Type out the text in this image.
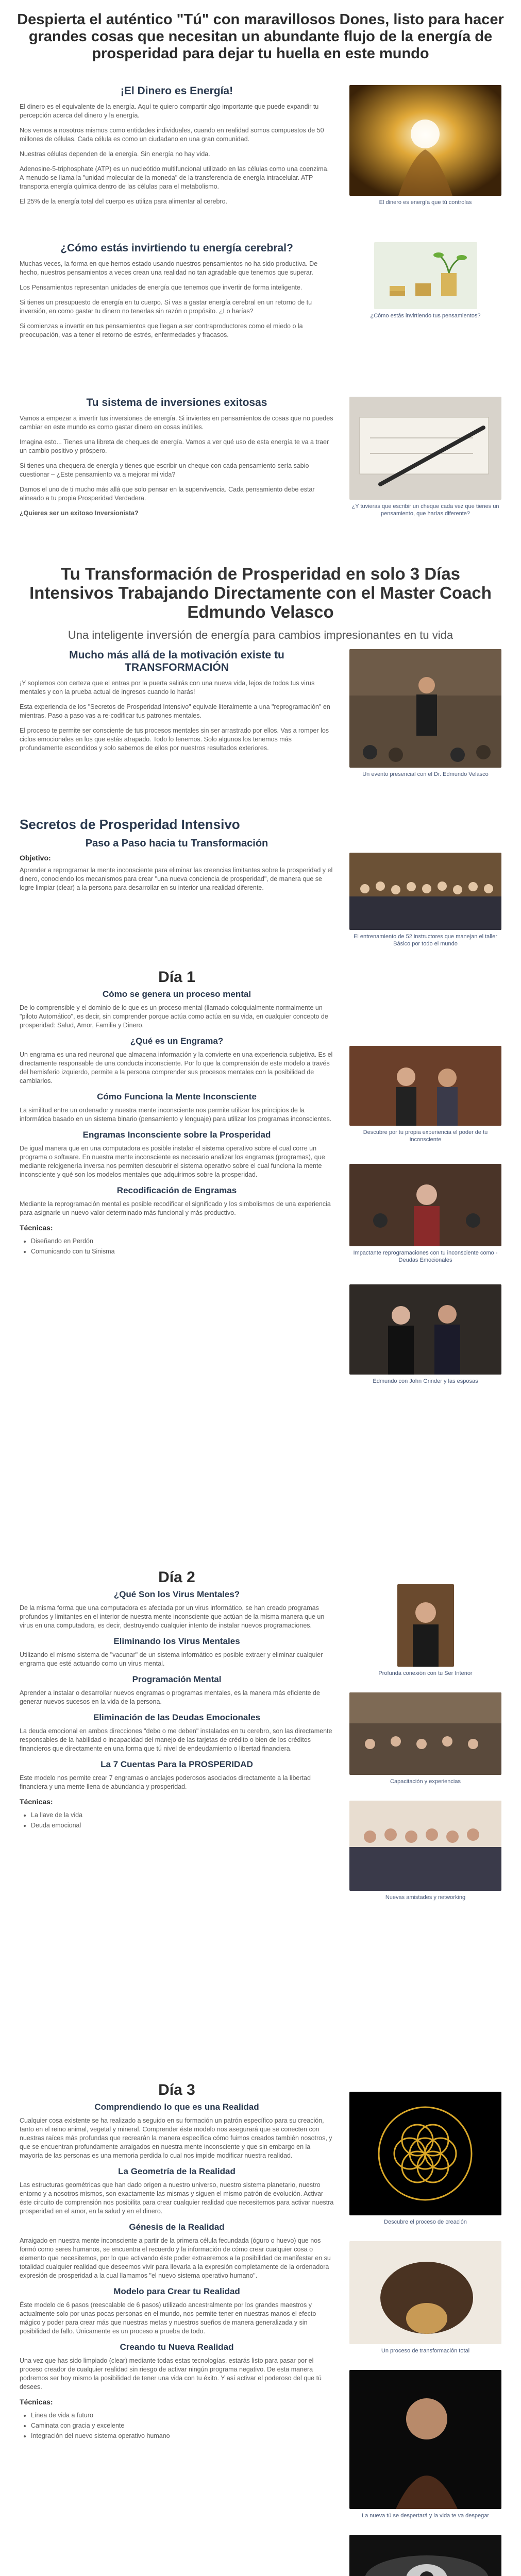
Despierta el auténtico "Tú" con maravillosos Dones, listo para hacer grandes cosas que necesitan un abundante flujo de la energía de prosperidad para dejar tu huella en este mundo
¡El Dinero es Energía!

El dinero es el equivalente de la energía. Aquí te quiero compartir algo importante que puede expandir tu percepción acerca del dinero y la energía.

Nos vemos a nosotros mismos como entidades individuales, cuando en realidad somos compuestos de 50 millones de células. Cada célula es como un ciudadano en una gran comunidad.

Nuestras células dependen de la energía. Sin energía no hay vida.

Adenosine-5-triphosphate (ATP) es un nucleótido multifuncional utilizado en las células como una coenzima. A menudo se llama la "unidad molecular de la moneda" de la transferencia de energía intracelular. ATP transporta energía química dentro de las células para el metabolismo.

El 25% de la energía total del cuerpo es utiliza para alimentar al cerebro.	El dinero es energía que tú controlas

¿Cómo estás invirtiendo tu energía cerebral?

Muchas veces, la forma en que hemos estado usando nuestros pensamientos no ha sido productiva. De hecho, nuestros pensamientos a veces crean una realidad no tan agradable que tenemos que superar.

Los Pensamientos representan unidades de energía que tenemos que invertir de forma inteligente.

Si tienes un presupuesto de energía en tu cuerpo. Si vas a gastar energía cerebral en un retorno de tu inversión, en como gastar tu dinero no tenerlas sin razón o propósito. ¿Lo harías?

Si comienzas a invertir en tus pensamientos que llegan a ser contraproductores como el miedo o la preocupación, vas a tener el retorno de estrés, enfermedades y fracasos.

¿Cómo estás invirtiendo tus pensamientos?

Tu sistema de inversiones exitosas

Vamos a empezar a invertir tus inversiones de energía. Si inviertes en pensamientos de cosas que no puedes cambiar en este mundo es como gastar dinero en cosas inútiles.

Imagina esto... Tienes una libreta de cheques de energía. Vamos a ver qué uso de esta energía te va a traer un cambio positivo y próspero.

Si tienes una chequera de energía y tienes que escribir un cheque con cada pensamiento sería sabio cuestionar – ¿Este pensamiento va a mejorar mi vida?

Damos el uno de ti mucho más allá que solo pensar en la supervivencia. Cada pensamiento debe estar alineado a tu propia Prosperidad Verdadera.

¿Quieres ser un exitoso Inversionista?

¿Y tuvieras que escribir un cheque cada vez que tienes un pensamiento, que harías diferente?

Tu Transformación de Prosperidad en solo 3 Días Intensivos Trabajando Directamente con el Master Coach Edmundo Velasco

Una inteligente inversión de energía para cambios impresionantes en tu vida

Mucho más allá de la motivación existe tu TRANSFORMACIÓN

¡Y soplemos con certeza que el entras por la puerta salirás con una nueva vida, lejos de todos tus virus mentales y con la prueba actual de ingresos cuando lo harás!

Esta experiencia de los "Secretos de Prosperidad Intensivo" equivale literalmente a una "reprogramación" en mientras. Paso a paso vas a re-codificar tus patrones mentales.

El proceso te permite ser consciente de tus procesos mentales sin ser arrastrado por ellos. Vas a romper los ciclos emocionales en los que estás atrapado. Todo lo tenemos. Solo algunos los tenemos más profundamente escondidos y solo sabemos de ellos por nuestros resultados exteriores.

Un evento presencial con el Dr. Edmundo Velasco

Secretos de Prosperidad Intensivo
Paso a Paso hacia tu Transformación

Objetivo:

Aprender a reprogramar la mente inconsciente para eliminar las creencias limitantes sobre la prosperidad y el dinero, conociendo los mecanismos para crear "una nueva conciencia de prosperidad", de manera que se logre limpiar (clear) a la persona para desarrollar en su interior una realidad diferente.

El entrenamiento de 52 instructores que manejan el taller Básico por todo el mundo

Día 1

Cómo se genera un proceso mental

De lo comprensible y el dominio de lo que es un proceso mental (llamado coloquialmente normalmente un "piloto Automático", es decir, sin comprender porque actúa como actúa en su vida, en cualquier concepto de prosperidad: Salud, Amor, Familia y Dinero.

¿Qué es un Engrama?

Un engrama es una red neuronal que almacena información y la convierte en una experiencia subjetiva. Es el directamente responsable de una conducta inconsciente. Por lo que la comprensión de este modelo a través del hemisferio izquierdo, permite a la persona comprender sus procesos mentales con la posibilidad de cambiarlos.

Cómo Funciona la Mente Inconsciente

La similitud entre un ordenador y nuestra mente inconsciente nos permite utilizar los principios de la informática basado en un sistema binario (pensamiento y lenguaje) para utilizar los programas inconscientes.

Engramas Inconsciente sobre la Prosperidad

De igual manera que en una computadora es posible instalar el sistema operativo sobre el cual corre un programa o software. En nuestra mente inconsciente es necesario analizar los engramas (programas), que mediante relojgenería inversa nos permiten descubrir el sistema operativo sobre el cual funciona la mente inconsciente y qué son los modelos mentales que adquirimos sobre la prosperidad.

Recodificación de Engramas

Mediante la reprogramación mental es posible recodificar el significado y los simbolismos de una experiencia para asignarle un nuevo valor determinado más funcional y más productivo.

Técnicas:

• Diseñando en Perdón
• Comunicando con tu Sinisma

Descubre por tu propia experiencia el poder de tu inconsciente

Impactante reprogramaciones con tu inconsciente como - Deudas Emocionales

Edmundo con John Grinder y las esposas

Día 2

¿Qué Son los Virus Mentales?

De la misma forma que una computadora es afectada por un virus informático, se han creado programas profundos y limitantes en el interior de nuestra mente inconsciente que actúan de la misma manera que un virus en una computadora, es decir, destruyendo cualquier intento de instalar nuevos programaciones.

Eliminando los Virus Mentales

Utilizando el mismo sistema de "vacunar" de un sistema informático es posible extraer y eliminar cualquier engrama que esté actuando como un virus mental.

Programación Mental

Aprender a instalar o desarrollar nuevos engramas o programas mentales, es la manera más eficiente de generar nuevos sucesos en la vida de la persona.

Eliminación de las Deudas Emocionales

La deuda emocional en ambos direcciones "debo o me deben" instalados en tu cerebro, son las directamente responsables de la habilidad o incapacidad del manejo de las tarjetas de crédito o bien de los créditos financieros que directamente en una forma que tú nivel de endeudamiento o libertad financiera.

La 7 Cuentas Para la PROSPERIDAD

Este modelo nos permite crear 7 engramas o anclajes poderosos asociados directamente a la libertad financiera y una mente llena de abundancia y prosperidad.

Técnicas:

• La llave de la vida
• Deuda emocional

Profunda conexión con tu Ser Interior

Capacitación y experiencias

Nuevas amistades y networking

Día 3

Comprendiendo lo que es una Realidad

Cualquier cosa existente se ha realizado a seguido en su formación un patrón específico para su creación, tanto en el reino animal, vegetal y mineral. Comprender éste modelo nos asegurará que se conecten con nuestras raíces más profundas que recrearán la manera específica cómo fuimos creados también nosotros, y que se encuentran profundamente arraigados en nuestra mente inconsciente y que sin embargo en la mayoría de las personas es una memoria perdida lo cual nos impide modificar nuestra realidad.

La Geometría de la Realidad

Las estructuras geométricas que han dado origen a nuestro universo, nuestro sistema planetario, nuestro entorno y a nosotros mismos, son exactamente las mismas y siguen el mismo patrón de evolución. Activar éste circuito de comprensión nos posibilita para crear cualquier realidad que necesitemos para activar nuestra prosperidad en el amor, en la salud y en el dinero.

Génesis de la Realidad

Arraigado en nuestra mente inconsciente a partir de la primera célula fecundada (óguro o huevo) que nos formó como seres humanos, se encuentra el recuerdo y la información de cómo crear cualquier cosa o elemento que necesitemos, por lo que activando éste poder extraeremos a la posibilidad de manifestar en su totalidad cualquier realidad que deseemos vivir para llevarla a la expresión completamente de la ordenadora expresión de prosperidad a la cual llamamos "el nuevo sistema operativo humano".

Modelo para Crear tu Realidad

Éste modelo de 6 pasos (reescalable de 6 pasos) utilizado ancestralmente por los grandes maestros y actualmente solo por unas pocas personas en el mundo, nos permite tener en nuestras manos el efecto mágico y poder para crear más que nuestras metas y nuestros sueños de manera generalizada y sin posibilidad de fallo. Únicamente es un proceso a prueba de todo.

Creando tu Nueva Realidad

Una vez que has sido limpiado (clear) mediante todas estas tecnologías, estarás listo para pasar por el proceso creador de cualquier realidad sin riesgo de activar ningún programa negativo. De esta manera podremos ser hoy mismo la posibilidad de tener una vida con tu éxito. Y así activar el poderoso del que tú desees.

Técnicas:

• Línea de vida a futuro
• Caminata con gracia y excelente
• Integración del nuevo sistema operativo humano

Descubre el proceso de creación

Un proceso de transformación total

La nueva tú se despertará y la vida te va despegar
